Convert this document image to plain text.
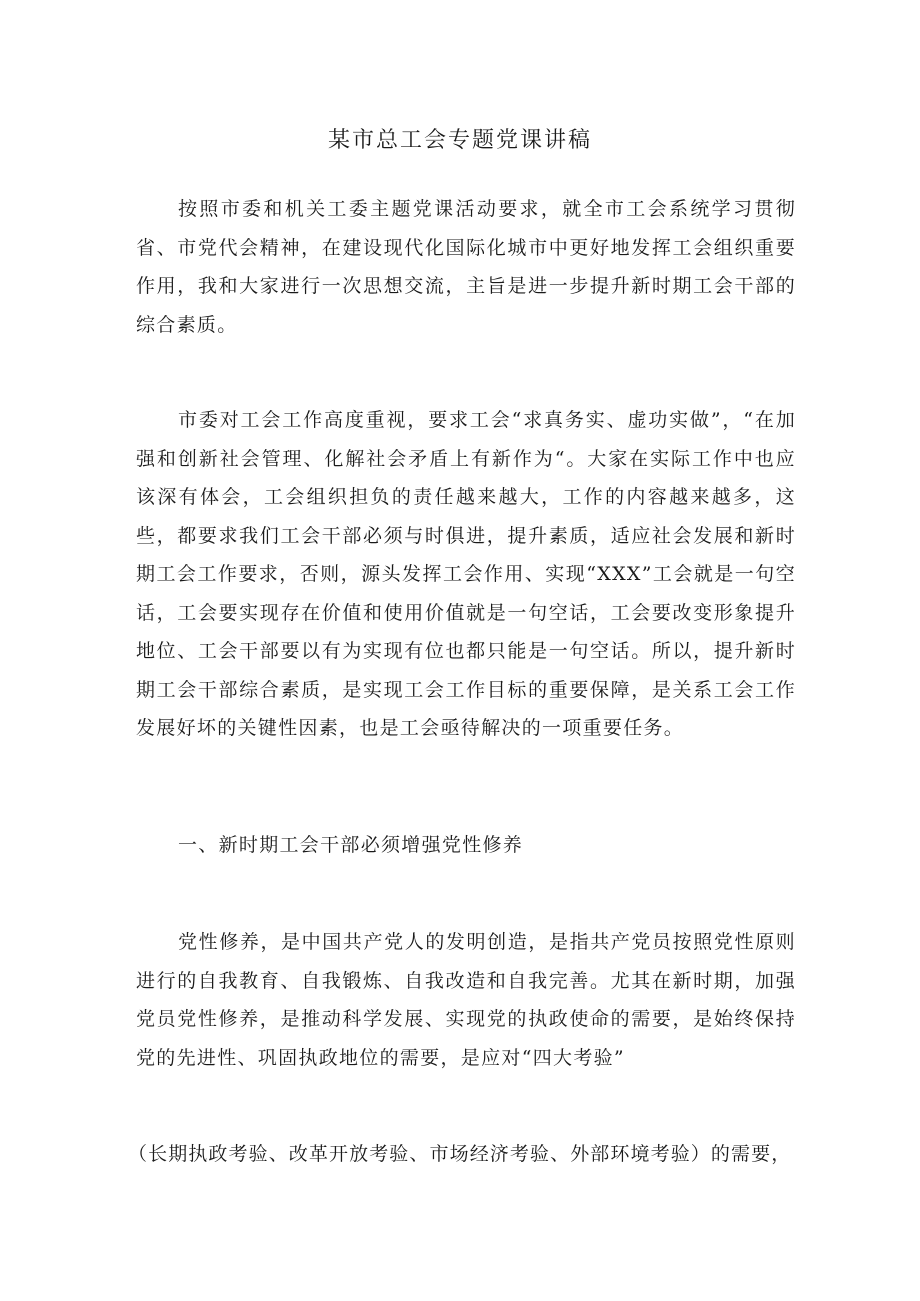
某市总工会专题党课讲稿

按照市委和机关工委主题党课活动要求，就全市工会系统学习贯彻省、市党代会精神，在建设现代化国际化城市中更好地发挥工会组织重要作用，我和大家进行一次思想交流，主旨是进一步提升新时期工会干部的综合素质。

市委对工会工作高度重视，要求工会“求真务实、虚功实做”，“在加强和创新社会管理、化解社会矛盾上有新作为“。大家在实际工作中也应该深有体会，工会组织担负的责任越来越大，工作的内容越来越多，这些，都要求我们工会干部必须与时俱进，提升素质，适应社会发展和新时期工会工作要求，否则，源头发挥工会作用、实现“XXX”工会就是一句空话，工会要实现存在价值和使用价值就是一句空话，工会要改变形象提升地位、工会干部要以有为实现有位也都只能是一句空话。所以，提升新时期工会干部综合素质，是实现工会工作目标的重要保障，是关系工会工作发展好坏的关键性因素，也是工会亟待解决的一项重要任务。

一、新时期工会干部必须增强党性修养

党性修养，是中国共产党人的发明创造，是指共产党员按照党性原则进行的自我教育、自我锻炼、自我改造和自我完善。尤其在新时期，加强党员党性修养，是推动科学发展、实现党的执政使命的需要，是始终保持党的先进性、巩固执政地位的需要，是应对“四大考验”

（长期执政考验、改革开放考验、市场经济考验、外部环境考验）的需要，
